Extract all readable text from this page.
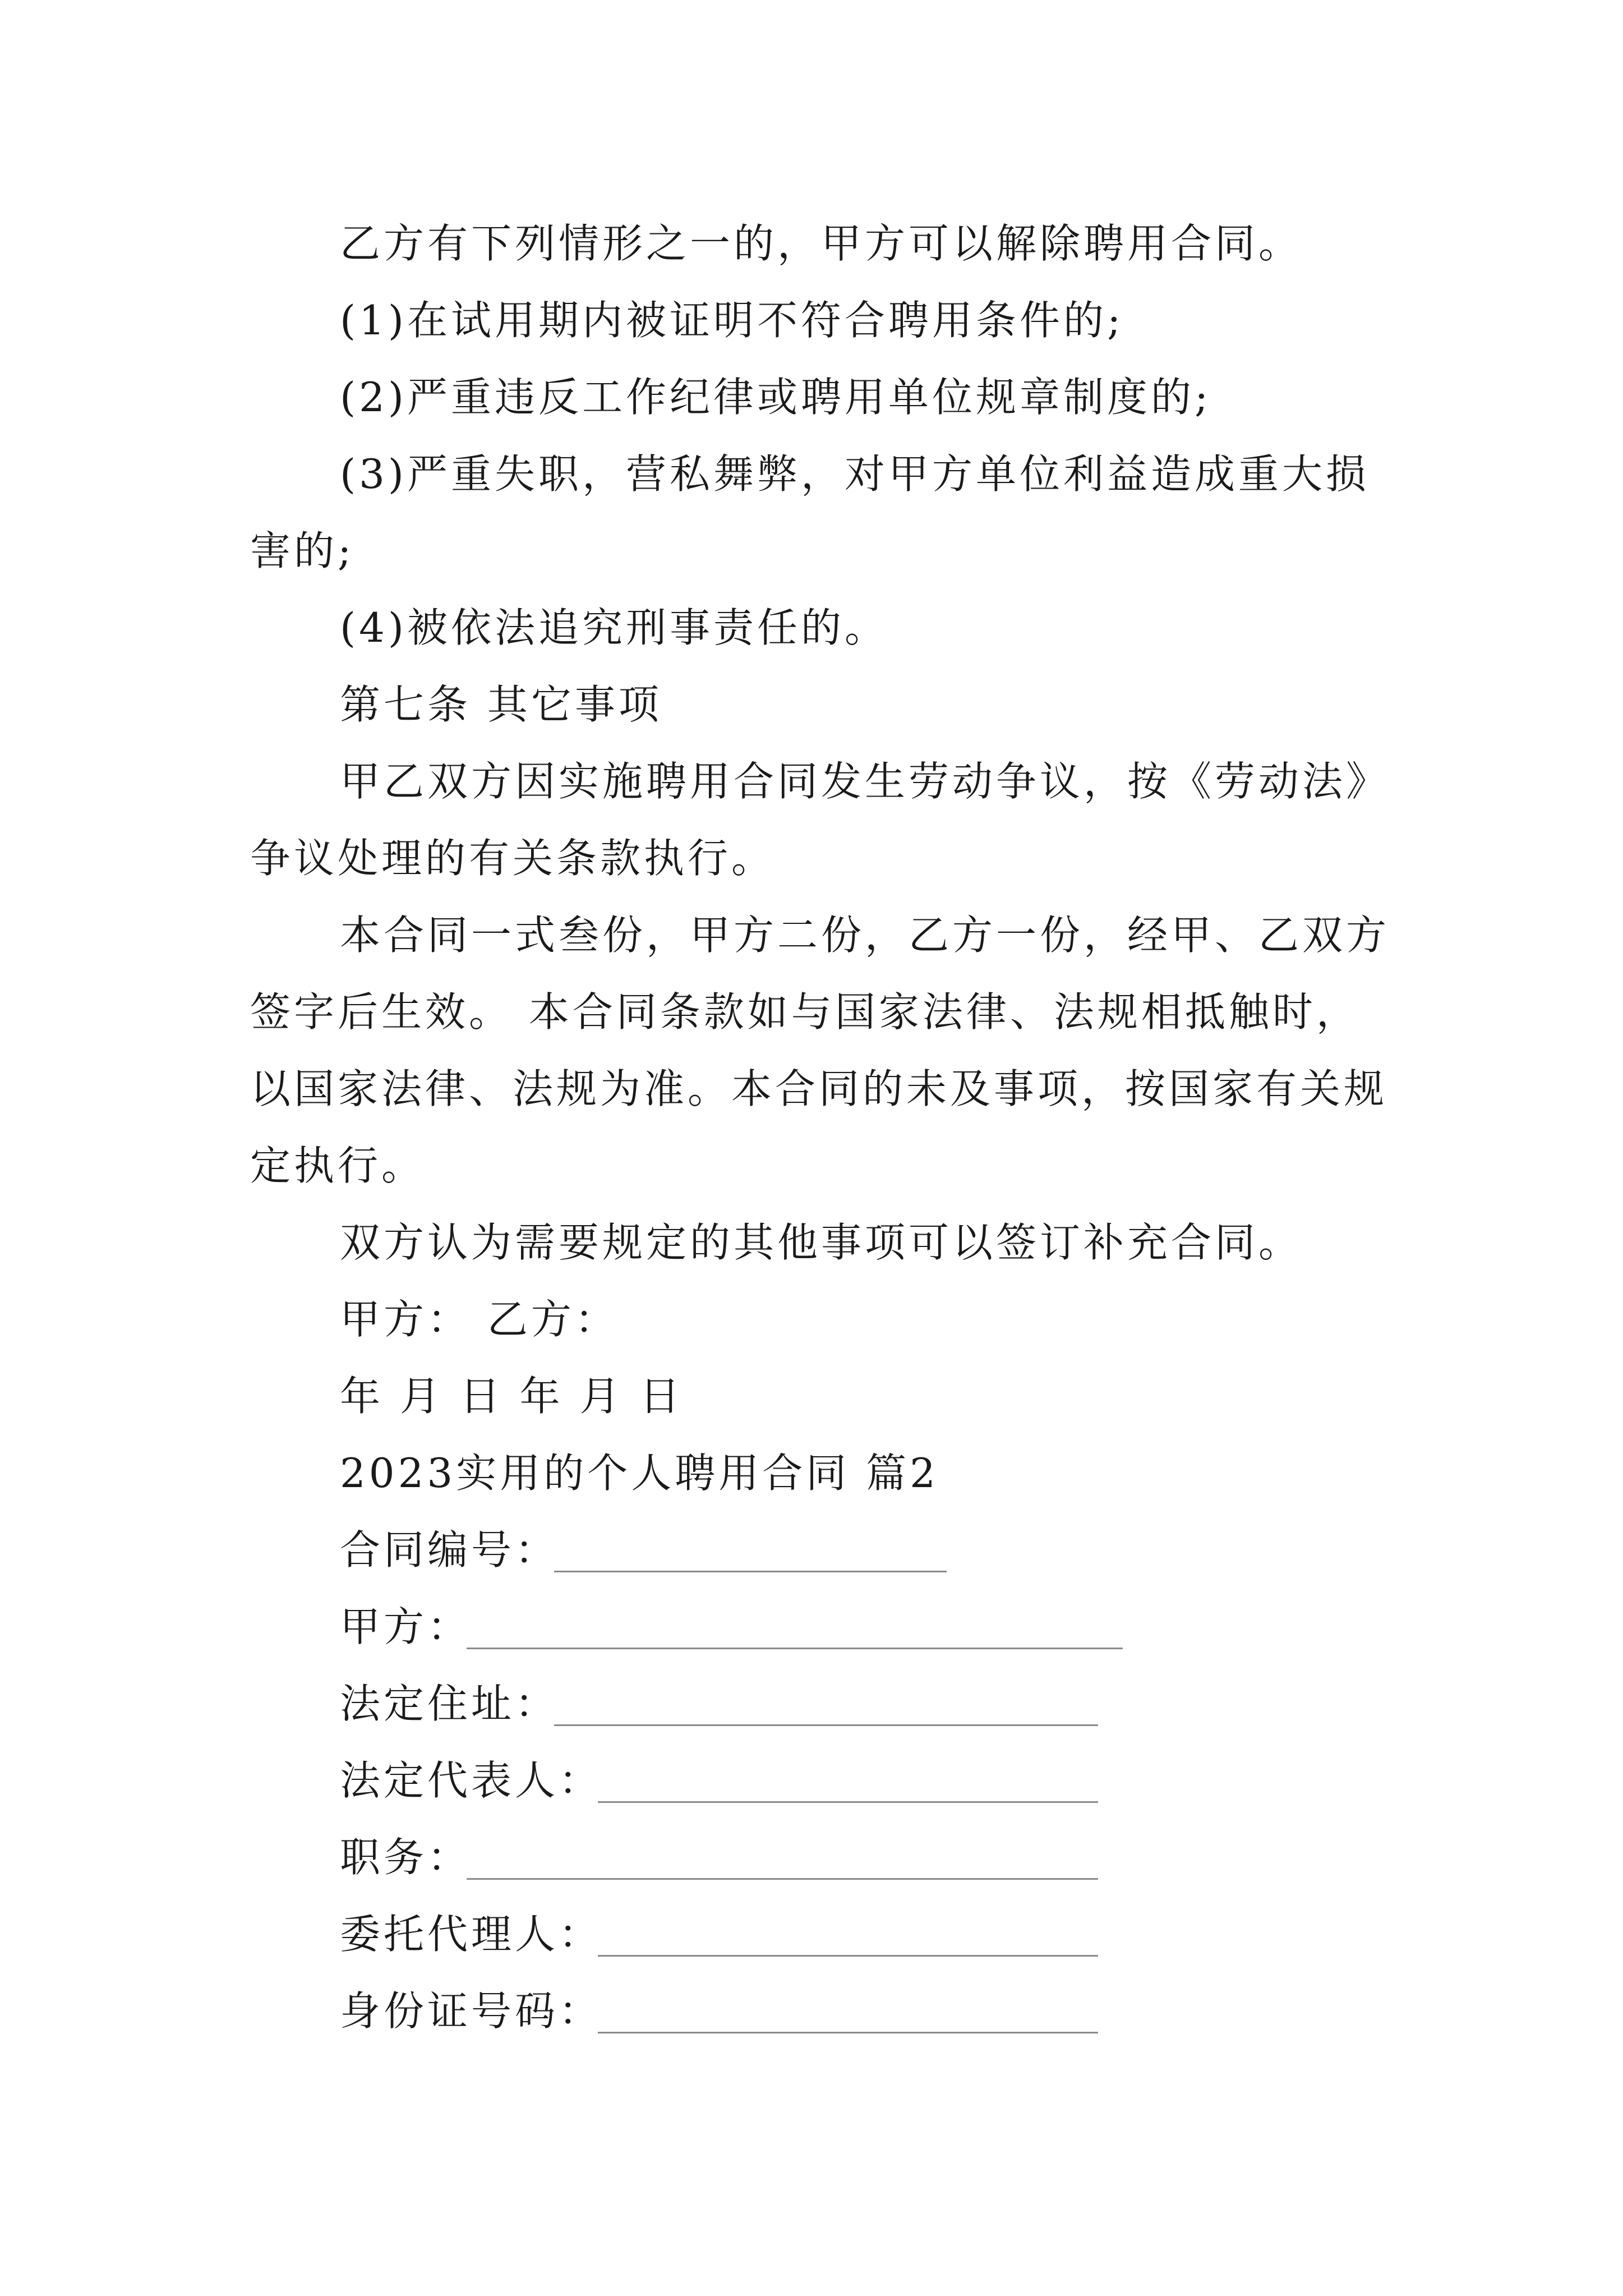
乙方有下列情形之一的，甲方可以解除聘用合同。
(1)在试用期内被证明不符合聘用条件的;
(2)严重违反工作纪律或聘用单位规章制度的;
(3)严重失职，营私舞弊，对甲方单位利益造成重大损
害的;
(4)被依法追究刑事责任的。
第七条 其它事项
甲乙双方因实施聘用合同发生劳动争议，按《劳动法》
争议处理的有关条款执行。
本合同一式叁份，甲方二份，乙方一份，经甲、乙双方
签字后生效。 本合同条款如与国家法律、法规相抵触时，
以国家法律、法规为准。本合同的未及事项，按国家有关规
定执行。
双方认为需要规定的其他事项可以签订补充合同。
甲方： 乙方：
年 月 日 年 月 日
2023实用的个人聘用合同 篇2
合同编号：
甲方：
法定住址：
法定代表人：
职务：
委托代理人：
身份证号码：
